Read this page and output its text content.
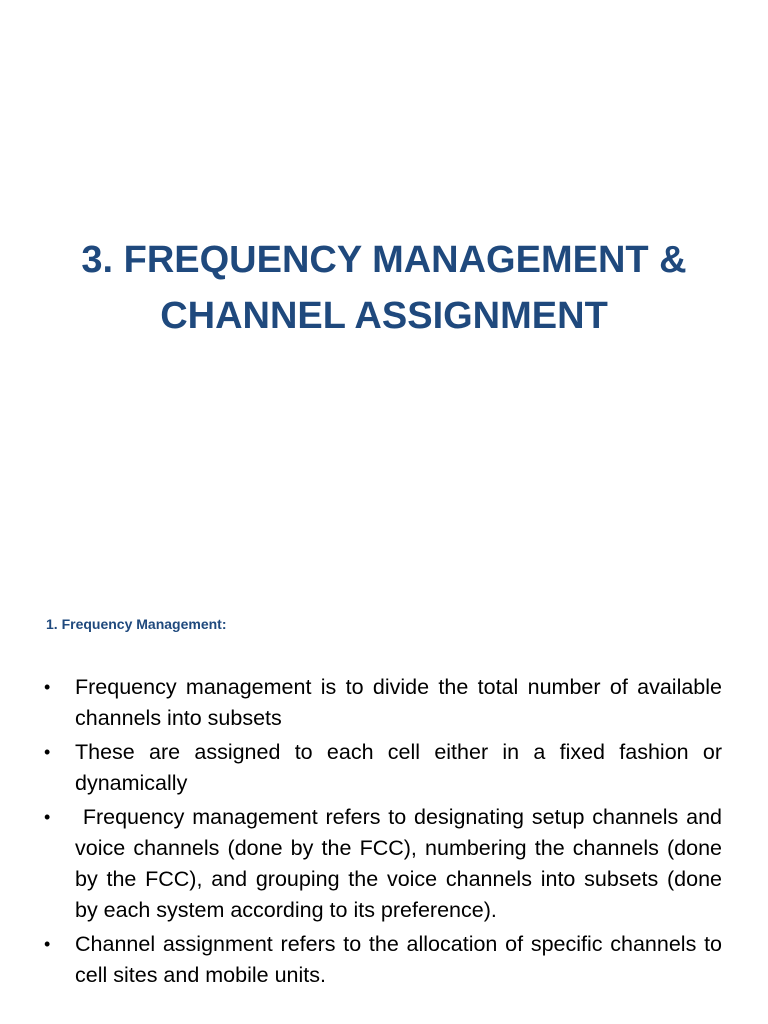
3. FREQUENCY MANAGEMENT &
CHANNEL ASSIGNMENT
1. Frequency Management:
•	Frequency management is to divide the total number of available channels into subsets
•	These are assigned to each cell either in a fixed fashion or dynamically
•	Frequency management refers to designating setup channels and voice channels (done by the FCC), numbering the channels (done by the FCC), and grouping the voice channels into subsets (done by each system according to its preference).
•	Channel assignment refers to the allocation of specific channels to cell sites and mobile units.
